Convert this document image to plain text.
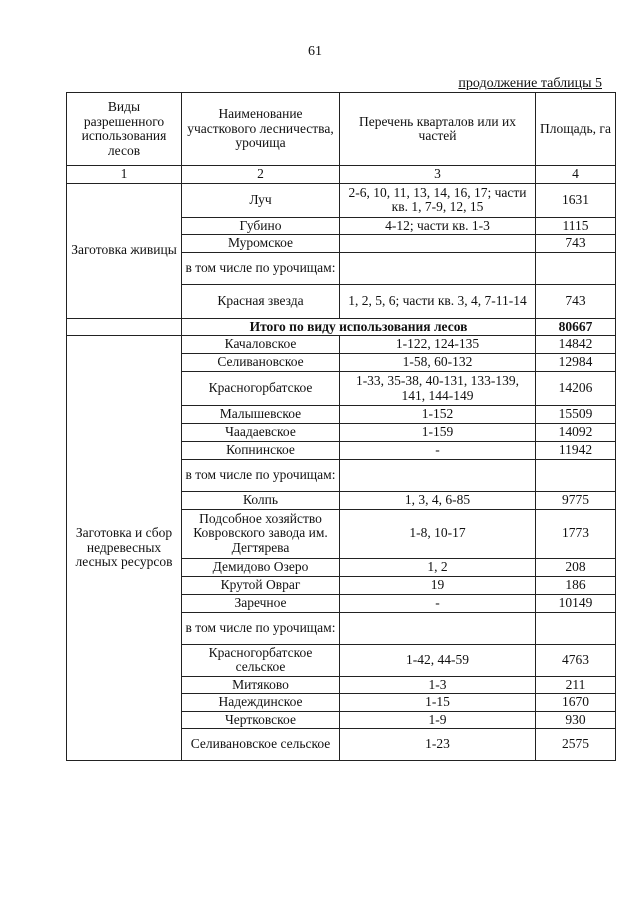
61
продолжение таблицы 5
Виды разрешенного использования лесов	Наименование участкового лесничества, урочища	Перечень кварталов или их частей	Площадь, га
1	2	3	4
Заготовка живицы	Луч	2-6, 10, 11, 13, 14, 16, 17; части кв. 1, 7-9, 12, 15	1631
	Губино	4-12; части кв. 1-3	1115
	Муромское		743
	в том числе по урочищам:		
	Красная звезда	1, 2, 5, 6; части кв. 3, 4, 7-11-14	743
	Итого по виду использования лесов		80667
Заготовка и сбор недревесных лесных ресурсов	Качаловское	1-122, 124-135	14842
	Селивановское	1-58, 60-132	12984
	Красногорбатское	1-33, 35-38, 40-131, 133-139, 141, 144-149	14206
	Малышевское	1-152	15509
	Чаадаевское	1-159	14092
	Копнинское	-	11942
	в том числе по урочищам:		
	Колпь	1, 3, 4, 6-85	9775
	Подсобное хозяйство Ковровского завода им. Дегтярева	1-8, 10-17	1773
	Демидово Озеро	1, 2	208
	Крутой Овраг	19	186
	Заречное	-	10149
	в том числе по урочищам:		
	Красногорбатское сельское	1-42, 44-59	4763
	Митяково	1-3	211
	Надеждинское	1-15	1670
	Чертковское	1-9	930
	Селивановское сельское	1-23	2575
